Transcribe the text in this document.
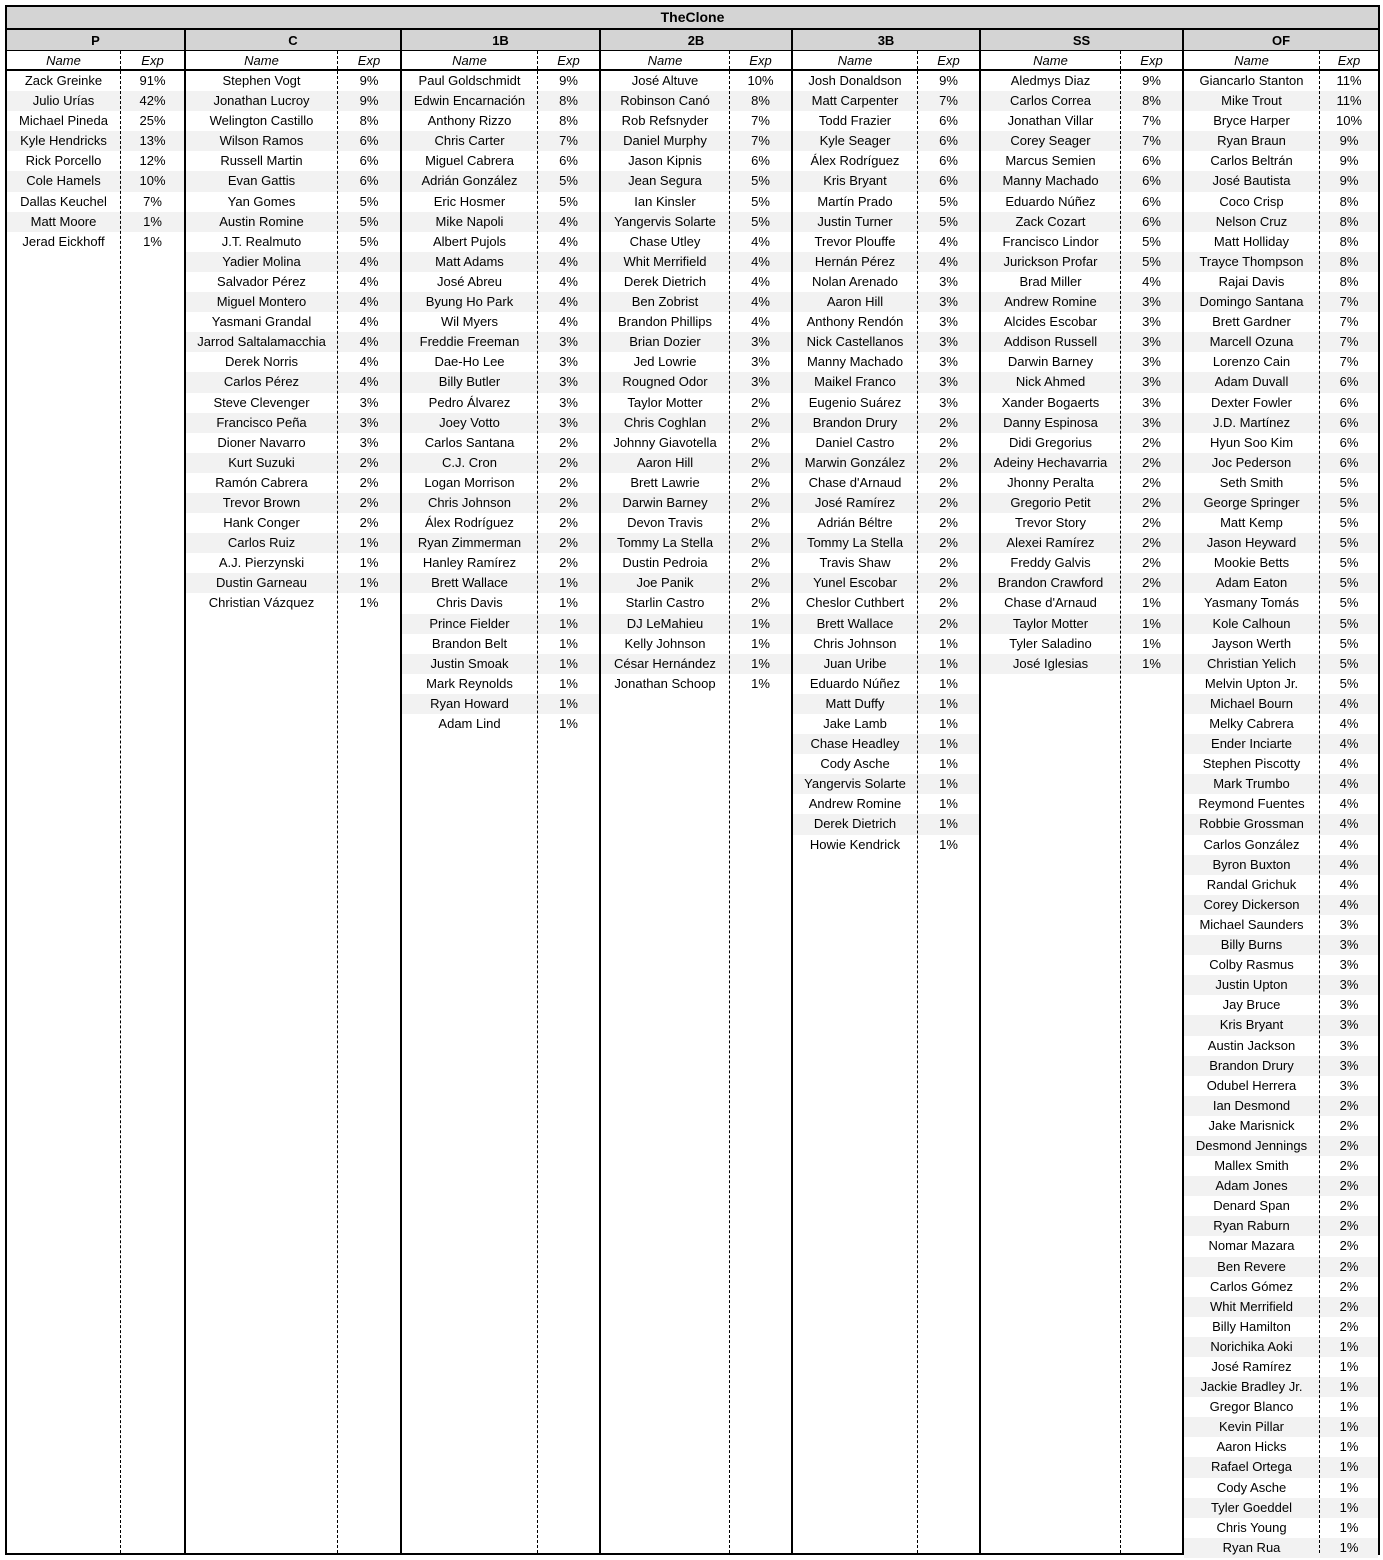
TheClone
P
Name	Exp
Zack Greinke	91%
Julio Urías	42%
Michael Pineda	25%
Kyle Hendricks	13%
Rick Porcello	12%
Cole Hamels	10%
Dallas Keuchel	7%
Matt Moore	1%
Jerad Eickhoff	1%
C
Name	Exp
Stephen Vogt	9%
Jonathan Lucroy	9%
Welington Castillo	8%
Wilson Ramos	6%
Russell Martin	6%
Evan Gattis	6%
Yan Gomes	5%
Austin Romine	5%
J.T. Realmuto	5%
Yadier Molina	4%
Salvador Pérez	4%
Miguel Montero	4%
Yasmani Grandal	4%
Jarrod Saltalamacchia	4%
Derek Norris	4%
Carlos Pérez	4%
Steve Clevenger	3%
Francisco Peña	3%
Dioner Navarro	3%
Kurt Suzuki	2%
Ramón Cabrera	2%
Trevor Brown	2%
Hank Conger	2%
Carlos Ruiz	1%
A.J. Pierzynski	1%
Dustin Garneau	1%
Christian Vázquez	1%
1B
Name	Exp
Paul Goldschmidt	9%
Edwin Encarnación	8%
Anthony Rizzo	8%
Chris Carter	7%
Miguel Cabrera	6%
Adrián González	5%
Eric Hosmer	5%
Mike Napoli	4%
Albert Pujols	4%
Matt Adams	4%
José Abreu	4%
Byung Ho Park	4%
Wil Myers	4%
Freddie Freeman	3%
Dae-Ho Lee	3%
Billy Butler	3%
Pedro Álvarez	3%
Joey Votto	3%
Carlos Santana	2%
C.J. Cron	2%
Logan Morrison	2%
Chris Johnson	2%
Álex Rodríguez	2%
Ryan Zimmerman	2%
Hanley Ramírez	2%
Brett Wallace	1%
Chris Davis	1%
Prince Fielder	1%
Brandon Belt	1%
Justin Smoak	1%
Mark Reynolds	1%
Ryan Howard	1%
Adam Lind	1%
2B
Name	Exp
José Altuve	10%
Robinson Canó	8%
Rob Refsnyder	7%
Daniel Murphy	7%
Jason Kipnis	6%
Jean Segura	5%
Ian Kinsler	5%
Yangervis Solarte	5%
Chase Utley	4%
Whit Merrifield	4%
Derek Dietrich	4%
Ben Zobrist	4%
Brandon Phillips	4%
Brian Dozier	3%
Jed Lowrie	3%
Rougned Odor	3%
Taylor Motter	2%
Chris Coghlan	2%
Johnny Giavotella	2%
Aaron Hill	2%
Brett Lawrie	2%
Darwin Barney	2%
Devon Travis	2%
Tommy La Stella	2%
Dustin Pedroia	2%
Joe Panik	2%
Starlin Castro	2%
DJ LeMahieu	1%
Kelly Johnson	1%
César Hernández	1%
Jonathan Schoop	1%
3B
Name	Exp
Josh Donaldson	9%
Matt Carpenter	7%
Todd Frazier	6%
Kyle Seager	6%
Álex Rodríguez	6%
Kris Bryant	6%
Martín Prado	5%
Justin Turner	5%
Trevor Plouffe	4%
Hernán Pérez	4%
Nolan Arenado	3%
Aaron Hill	3%
Anthony Rendón	3%
Nick Castellanos	3%
Manny Machado	3%
Maikel Franco	3%
Eugenio Suárez	3%
Brandon Drury	2%
Daniel Castro	2%
Marwin González	2%
Chase d'Arnaud	2%
José Ramírez	2%
Adrián Béltre	2%
Tommy La Stella	2%
Travis Shaw	2%
Yunel Escobar	2%
Cheslor Cuthbert	2%
Brett Wallace	2%
Chris Johnson	1%
Juan Uribe	1%
Eduardo Núñez	1%
Matt Duffy	1%
Jake Lamb	1%
Chase Headley	1%
Cody Asche	1%
Yangervis Solarte	1%
Andrew Romine	1%
Derek Dietrich	1%
Howie Kendrick	1%
SS
Name	Exp
Aledmys Diaz	9%
Carlos Correa	8%
Jonathan Villar	7%
Corey Seager	7%
Marcus Semien	6%
Manny Machado	6%
Eduardo Núñez	6%
Zack Cozart	6%
Francisco Lindor	5%
Jurickson Profar	5%
Brad Miller	4%
Andrew Romine	3%
Alcides Escobar	3%
Addison Russell	3%
Darwin Barney	3%
Nick Ahmed	3%
Xander Bogaerts	3%
Danny Espinosa	3%
Didi Gregorius	2%
Adeiny Hechavarria	2%
Jhonny Peralta	2%
Gregorio Petit	2%
Trevor Story	2%
Alexei Ramírez	2%
Freddy Galvis	2%
Brandon Crawford	2%
Chase d'Arnaud	1%
Taylor Motter	1%
Tyler Saladino	1%
José Iglesias	1%
OF
Name	Exp
Giancarlo Stanton	11%
Mike Trout	11%
Bryce Harper	10%
Ryan Braun	9%
Carlos Beltrán	9%
José Bautista	9%
Coco Crisp	8%
Nelson Cruz	8%
Matt Holliday	8%
Trayce Thompson	8%
Rajai Davis	8%
Domingo Santana	7%
Brett Gardner	7%
Marcell Ozuna	7%
Lorenzo Cain	7%
Adam Duvall	6%
Dexter Fowler	6%
J.D. Martínez	6%
Hyun Soo Kim	6%
Joc Pederson	6%
Seth Smith	5%
George Springer	5%
Matt Kemp	5%
Jason Heyward	5%
Mookie Betts	5%
Adam Eaton	5%
Yasmany Tomás	5%
Kole Calhoun	5%
Jayson Werth	5%
Christian Yelich	5%
Melvin Upton Jr.	5%
Michael Bourn	4%
Melky Cabrera	4%
Ender Inciarte	4%
Stephen Piscotty	4%
Mark Trumbo	4%
Reymond Fuentes	4%
Robbie Grossman	4%
Carlos González	4%
Byron Buxton	4%
Randal Grichuk	4%
Corey Dickerson	4%
Michael Saunders	3%
Billy Burns	3%
Colby Rasmus	3%
Justin Upton	3%
Jay Bruce	3%
Kris Bryant	3%
Austin Jackson	3%
Brandon Drury	3%
Odubel Herrera	3%
Ian Desmond	2%
Jake Marisnick	2%
Desmond Jennings	2%
Mallex Smith	2%
Adam Jones	2%
Denard Span	2%
Ryan Raburn	2%
Nomar Mazara	2%
Ben Revere	2%
Carlos Gómez	2%
Whit Merrifield	2%
Billy Hamilton	2%
Norichika Aoki	1%
José Ramírez	1%
Jackie Bradley Jr.	1%
Gregor Blanco	1%
Kevin Pillar	1%
Aaron Hicks	1%
Rafael Ortega	1%
Cody Asche	1%
Tyler Goeddel	1%
Chris Young	1%
Ryan Rua	1%
